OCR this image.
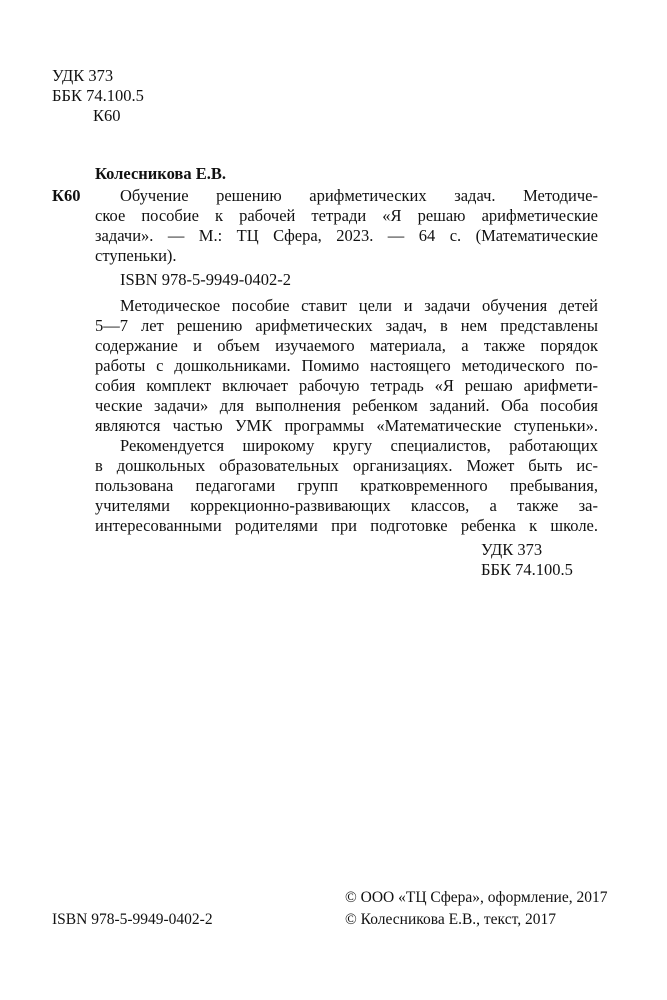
УДК 373
ББК 74.100.5
К60
Колесникова Е.В.
К60 Обучение решению арифметических задач. Методиче-
ское пособие к рабочей тетради «Я решаю арифметические
задачи». — М.: ТЦ Сфера, 2023. — 64 с. (Математические
ступеньки).
ISBN 978-5-9949-0402-2
Методическое пособие ставит цели и задачи обучения детей
5—7 лет решению арифметических задач, в нем представлены
содержание и объем изучаемого материала, а также порядок
работы с дошкольниками. Помимо настоящего методического по-
собия комплект включает рабочую тетрадь «Я решаю арифмети-
ческие задачи» для выполнения ребенком заданий. Оба пособия
являются частью УМК программы «Математические ступеньки».
Рекомендуется широкому кругу специалистов, работающих
в дошкольных образовательных организациях. Может быть ис-
пользована педагогами групп кратковременного пребывания,
учителями коррекционно-развивающих классов, а также за-
интересованными родителями при подготовке ребенка к школе.
УДК 373
ББК 74.100.5
© ООО «ТЦ Сфера», оформление, 2017
ISBN 978-5-9949-0402-2	© Колесникова Е.В., текст, 2017
